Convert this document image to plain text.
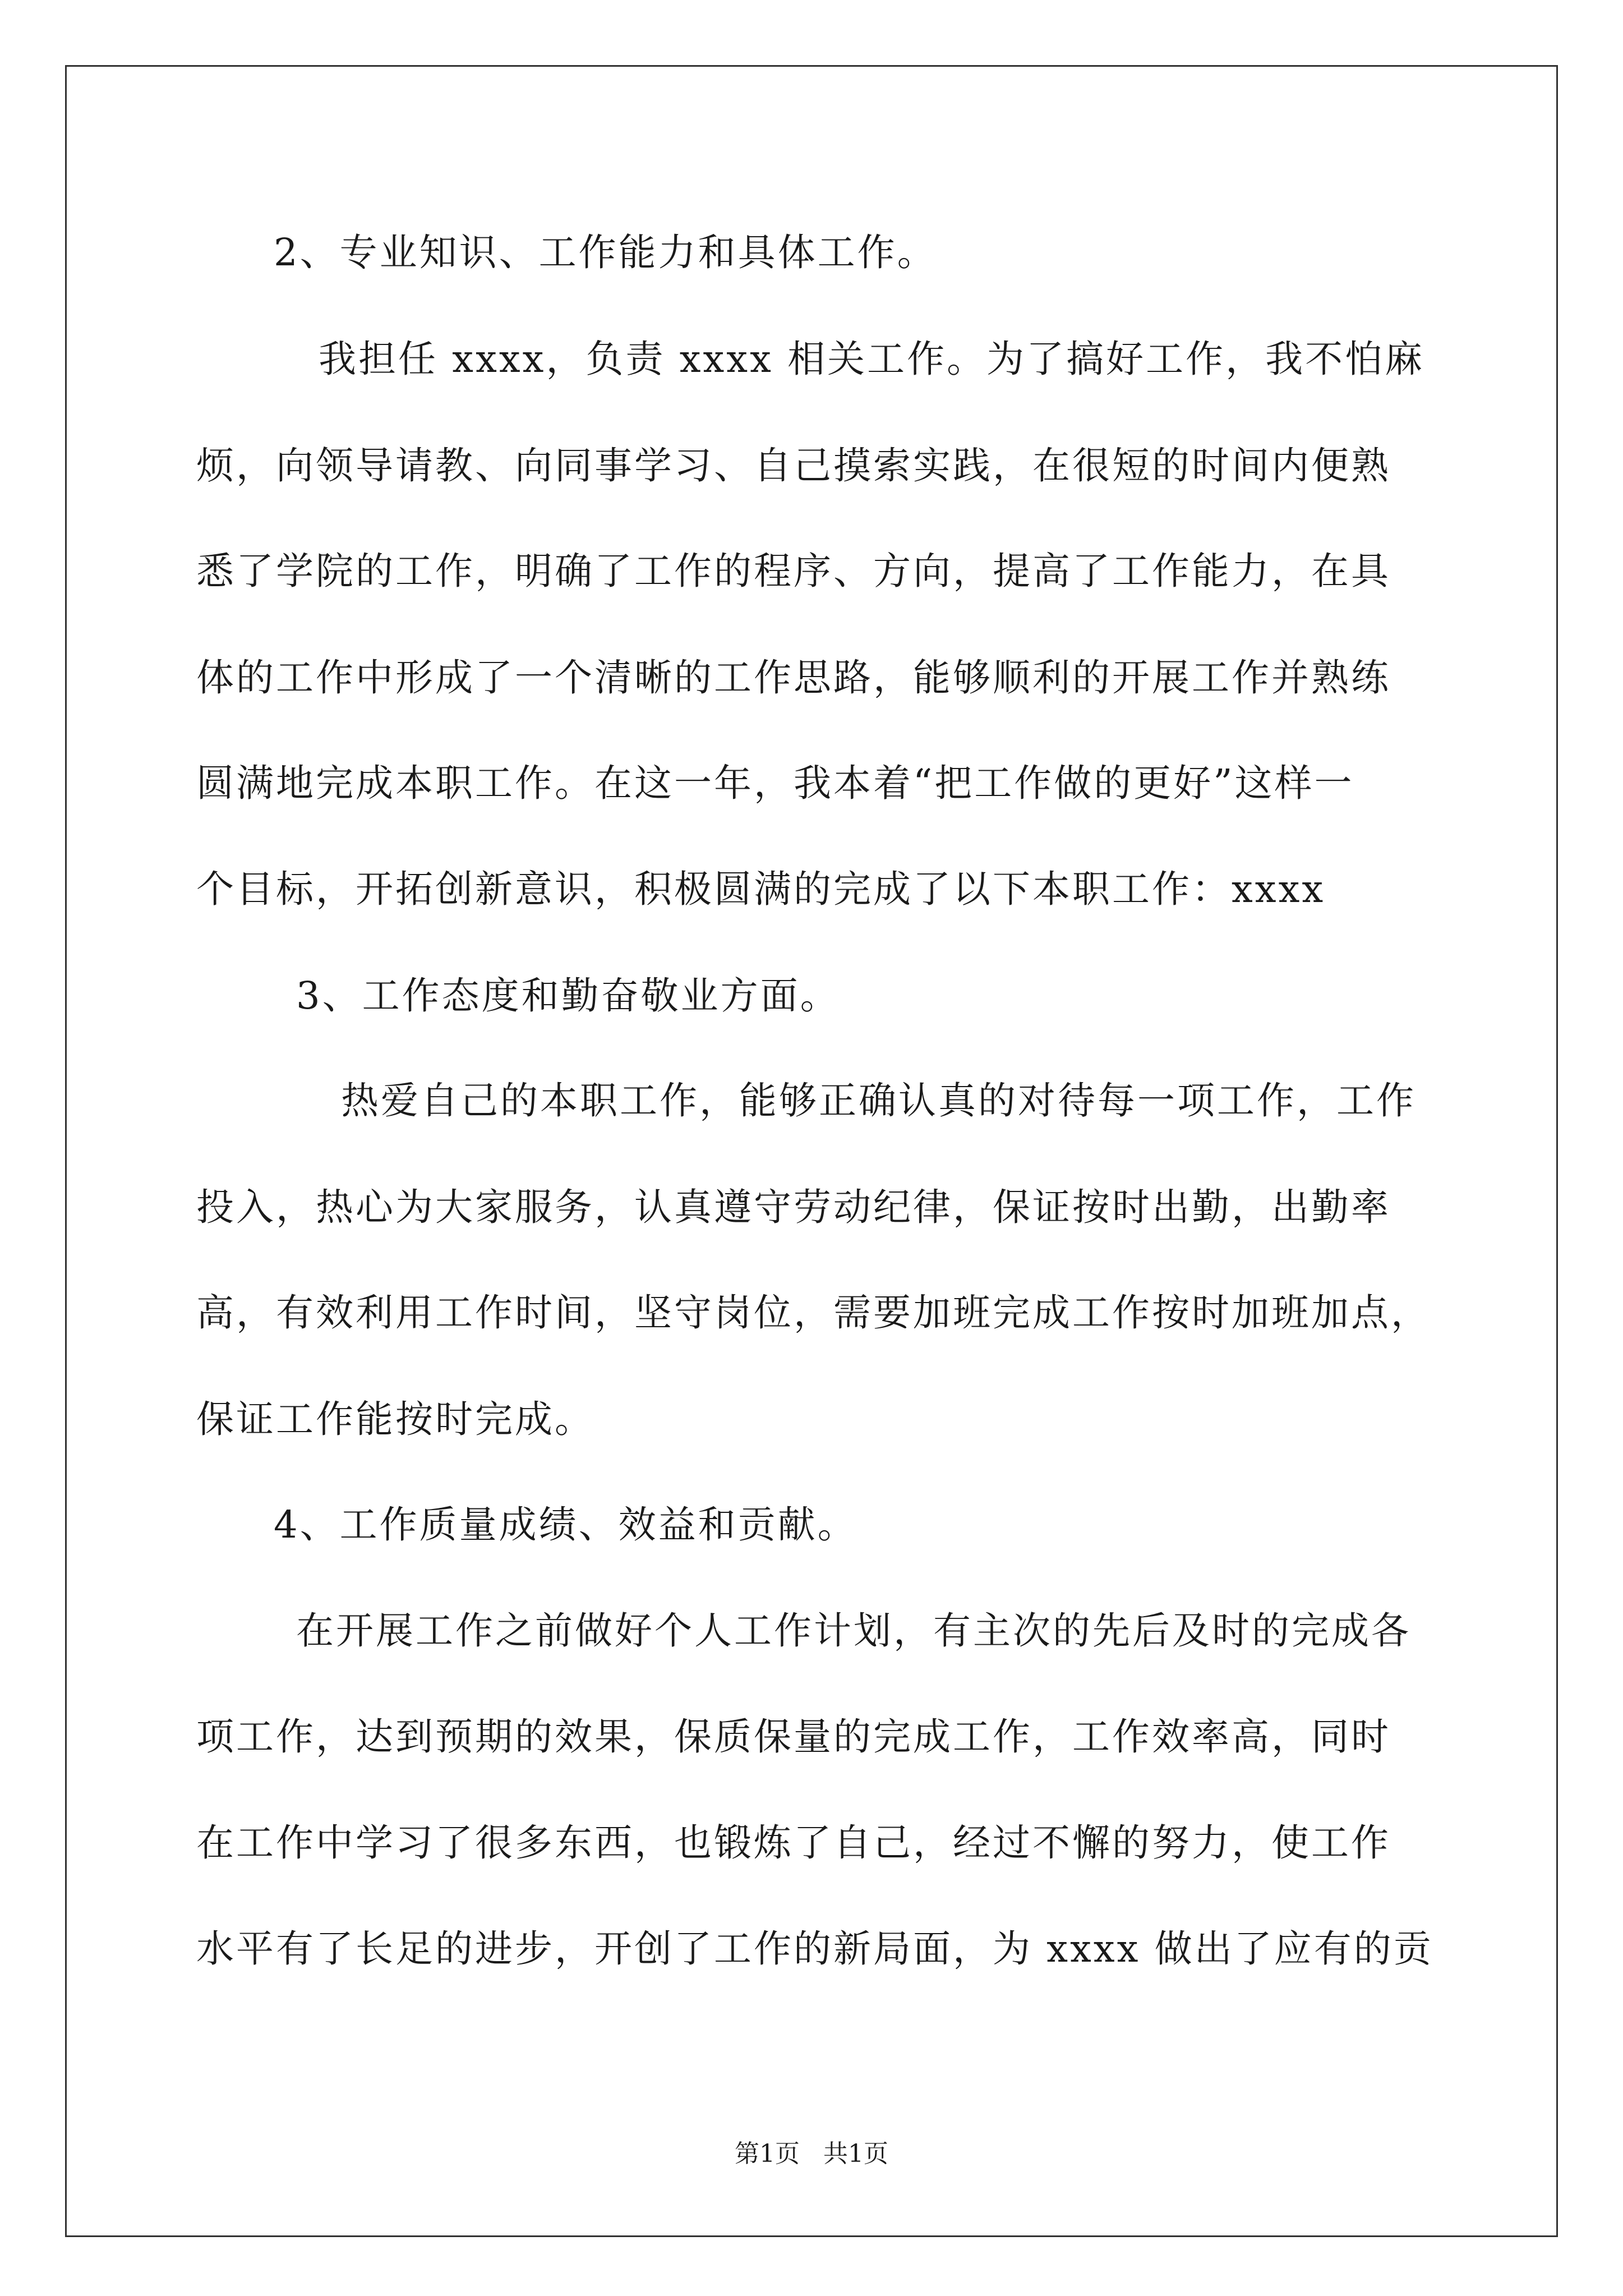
2、专业知识、工作能力和具体工作。
我担任 xxxx，负责 xxxx 相关工作。为了搞好工作，我不怕麻
烦，向领导请教、向同事学习、自己摸索实践，在很短的时间内便熟
悉了学院的工作，明确了工作的程序、方向，提高了工作能力，在具
体的工作中形成了一个清晰的工作思路，能够顺利的开展工作并熟练
圆满地完成本职工作。在这一年，我本着“把工作做的更好”这样一
个目标，开拓创新意识，积极圆满的完成了以下本职工作：xxxx
3、工作态度和勤奋敬业方面。
热爱自己的本职工作，能够正确认真的对待每一项工作，工作
投入，热心为大家服务，认真遵守劳动纪律，保证按时出勤，出勤率
高，有效利用工作时间，坚守岗位，需要加班完成工作按时加班加点，
保证工作能按时完成。
4、工作质量成绩、效益和贡献。
在开展工作之前做好个人工作计划，有主次的先后及时的完成各
项工作，达到预期的效果，保质保量的完成工作，工作效率高，同时
在工作中学习了很多东西，也锻炼了自己，经过不懈的努力，使工作
水平有了长足的进步，开创了工作的新局面，为 xxxx 做出了应有的贡
第1页   共1页
